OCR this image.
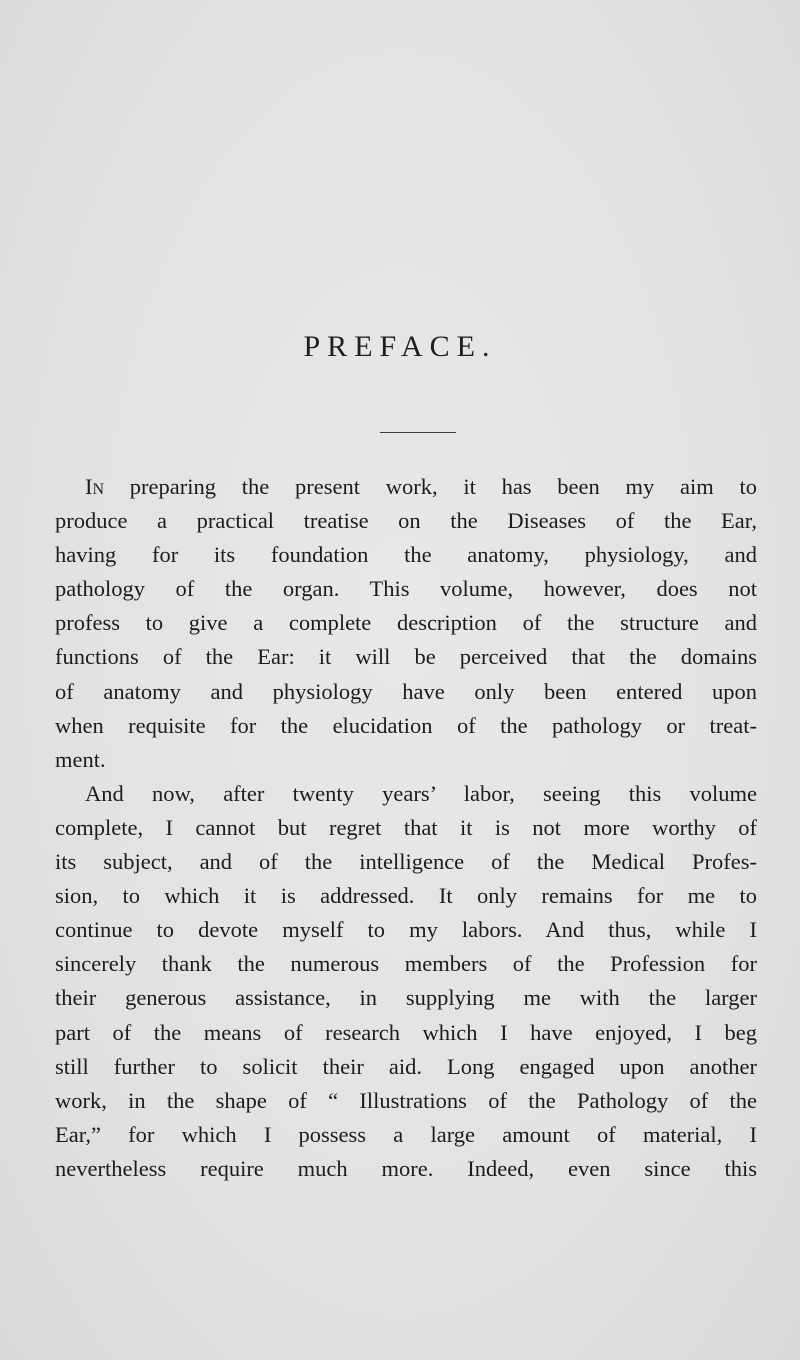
PREFACE.
In preparing the present work, it has been my aim to
produce a practical treatise on the Diseases of the Ear,
having for its foundation the anatomy, physiology, and
pathology of the organ. This volume, however, does not
profess to give a complete description of the structure and
functions of the Ear: it will be perceived that the domains
of anatomy and physiology have only been entered upon
when requisite for the elucidation of the pathology or treat-
ment.
And now, after twenty years’ labor, seeing this volume
complete, I cannot but regret that it is not more worthy of
its subject, and of the intelligence of the Medical Profes-
sion, to which it is addressed. It only remains for me to
continue to devote myself to my labors. And thus, while I
sincerely thank the numerous members of the Profession for
their generous assistance, in supplying me with the larger
part of the means of research which I have enjoyed, I beg
still further to solicit their aid. Long engaged upon another
work, in the shape of “ Illustrations of the Pathology of the
Ear,” for which I possess a large amount of material, I
nevertheless require much more. Indeed, even since this
